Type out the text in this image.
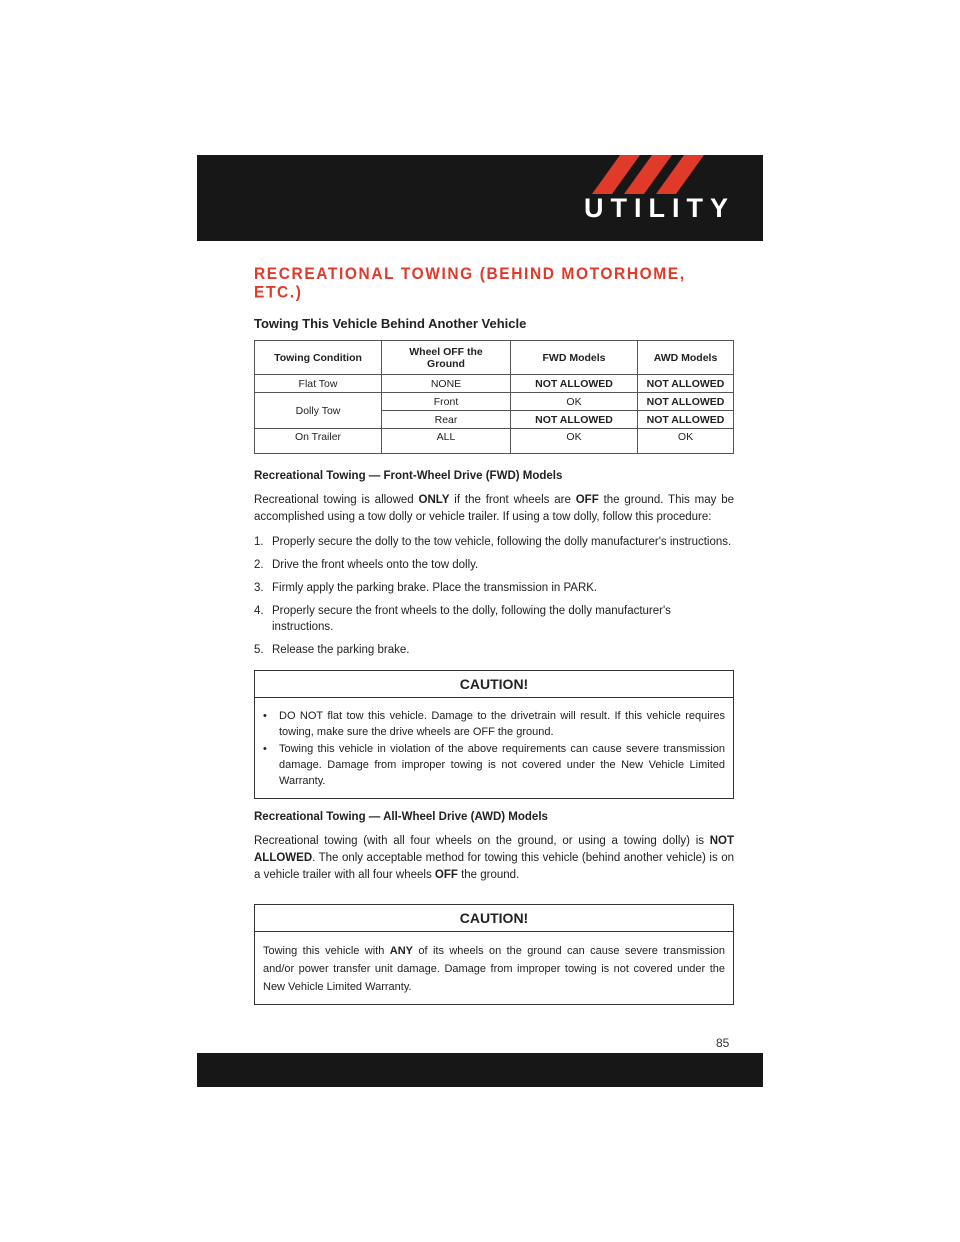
UTILITY
RECREATIONAL TOWING (BEHIND MOTORHOME, ETC.)
Towing This Vehicle Behind Another Vehicle
Towing Condition	Wheel OFF the Ground	FWD Models	AWD Models
Flat Tow	NONE	NOT ALLOWED	NOT ALLOWED
Dolly Tow	Front	OK	NOT ALLOWED
	Rear	NOT ALLOWED	NOT ALLOWED
On Trailer	ALL	OK	OK
Recreational Towing — Front-Wheel Drive (FWD) Models

Recreational towing is allowed ONLY if the front wheels are OFF the ground. This may be accomplished using a tow dolly or vehicle trailer. If using a tow dolly, follow this procedure:

1. Properly secure the dolly to the tow vehicle, following the dolly manufacturer's instructions.
2. Drive the front wheels onto the tow dolly.
3. Firmly apply the parking brake. Place the transmission in PARK.
4. Properly secure the front wheels to the dolly, following the dolly manufacturer's instructions.
5. Release the parking brake.
CAUTION!
•	DO NOT flat tow this vehicle. Damage to the drivetrain will result. If this vehicle requires towing, make sure the drive wheels are OFF the ground.
•	Towing this vehicle in violation of the above requirements can cause severe transmission damage. Damage from improper towing is not covered under the New Vehicle Limited Warranty.
Recreational Towing — All-Wheel Drive (AWD) Models

Recreational towing (with all four wheels on the ground, or using a towing dolly) is NOT ALLOWED. The only acceptable method for towing this vehicle (behind another vehicle) is on a vehicle trailer with all four wheels OFF the ground.

CAUTION!

Towing this vehicle with ANY of its wheels on the ground can cause severe transmission and/or power transfer unit damage. Damage from improper towing is not covered under the New Vehicle Limited Warranty.

85
